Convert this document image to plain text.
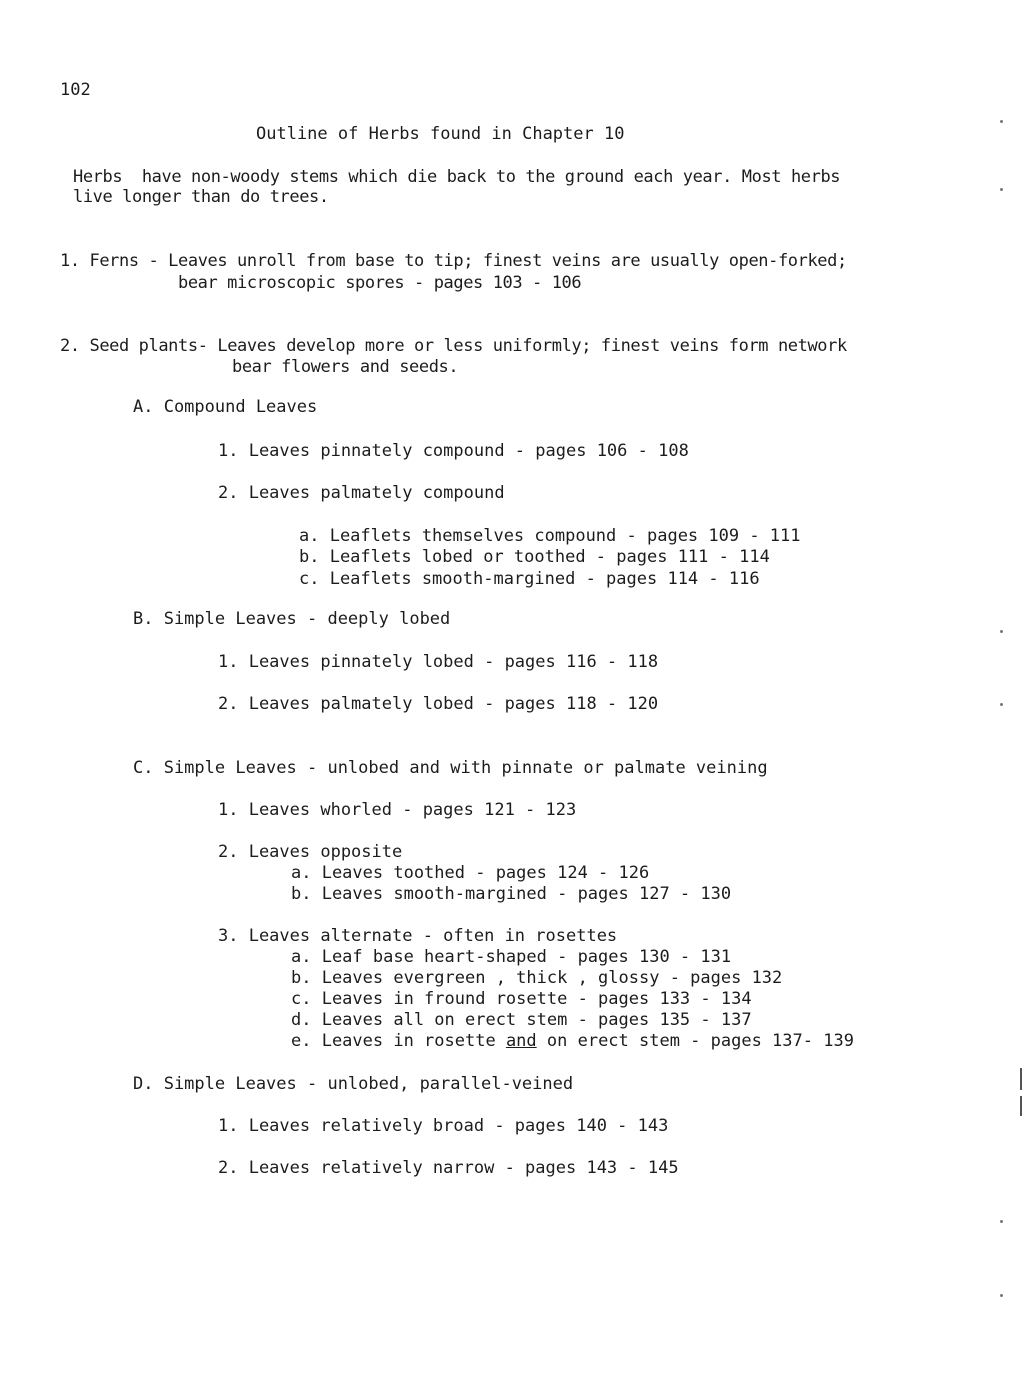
102

Outline of Herbs found in Chapter 10

Herbs  have non-woody stems which die back to the ground each year. Most herbs

live longer than do trees.

1. Ferns - Leaves unroll from base to tip; finest veins are usually open-forked;

bear microscopic spores - pages 103 - 106

2. Seed plants- Leaves develop more or less uniformly; finest veins form network

bear flowers and seeds.

A. Compound Leaves

1. Leaves pinnately compound - pages 106 - 108

2. Leaves palmately compound

a. Leaflets themselves compound - pages 109 - 111

b. Leaflets lobed or toothed - pages 111 - 114

c. Leaflets smooth-margined - pages 114 - 116

B. Simple Leaves - deeply lobed

1. Leaves pinnately lobed - pages 116 - 118

2. Leaves palmately lobed - pages 118 - 120

C. Simple Leaves - unlobed and with pinnate or palmate veining

1. Leaves whorled - pages 121 - 123

2. Leaves opposite

a. Leaves toothed - pages 124 - 126

b. Leaves smooth-margined - pages 127 - 130

3. Leaves alternate - often in rosettes

a. Leaf base heart-shaped - pages 130 - 131

b. Leaves evergreen , thick , glossy - pages 132

c. Leaves in fround rosette - pages 133 - 134

d. Leaves all on erect stem - pages 135 - 137

e. Leaves in rosette and on erect stem - pages 137- 139

D. Simple Leaves - unlobed, parallel-veined

1. Leaves relatively broad - pages 140 - 143

2. Leaves relatively narrow - pages 143 - 145
